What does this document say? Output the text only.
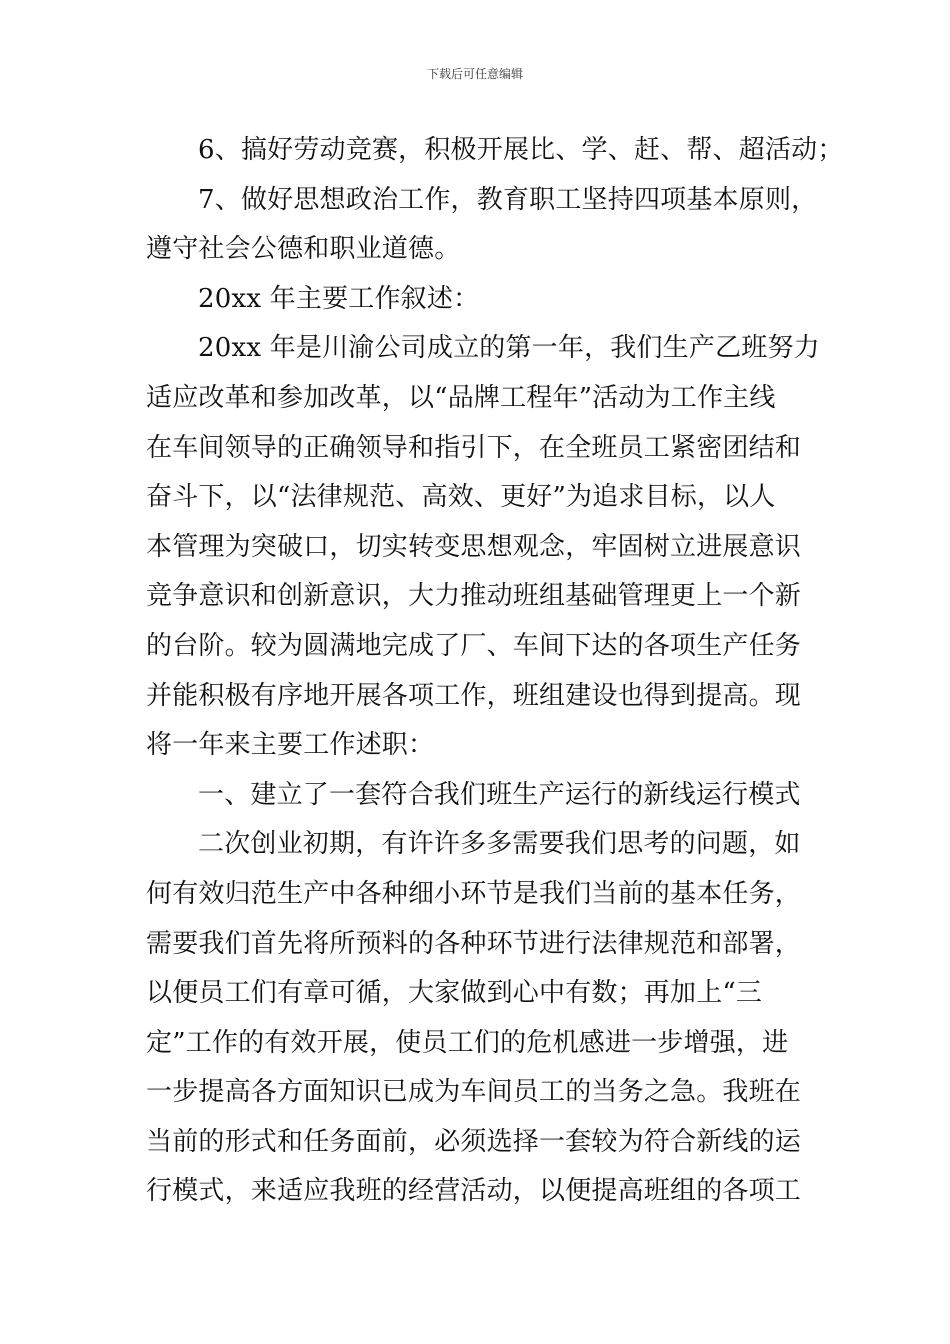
下载后可任意编辑
6、搞好劳动竞赛，积极开展比、学、赶、帮、超活动；
7、做好思想政治工作，教育职工坚持四项基本原则，
遵守社会公德和职业道德。
20xx 年主要工作叙述：
20xx 年是川渝公司成立的第一年，我们生产乙班努力
适应改革和参加改革，以“品牌工程年”活动为工作主线
在车间领导的正确领导和指引下，在全班员工紧密团结和
奋斗下，以“法律规范、高效、更好”为追求目标，以人
本管理为突破口，切实转变思想观念，牢固树立进展意识
竞争意识和创新意识，大力推动班组基础管理更上一个新
的台阶。较为圆满地完成了厂、车间下达的各项生产任务
并能积极有序地开展各项工作，班组建设也得到提高。现
将一年来主要工作述职：
一、建立了一套符合我们班生产运行的新线运行模式
二次创业初期，有许许多多需要我们思考的问题，如
何有效归范生产中各种细小环节是我们当前的基本任务，
需要我们首先将所预料的各种环节进行法律规范和部署，
以便员工们有章可循，大家做到心中有数；再加上“三
定”工作的有效开展，使员工们的危机感进一步增强，进
一步提高各方面知识已成为车间员工的当务之急。我班在
当前的形式和任务面前，必须选择一套较为符合新线的运
行模式，来适应我班的经营活动，以便提高班组的各项工
